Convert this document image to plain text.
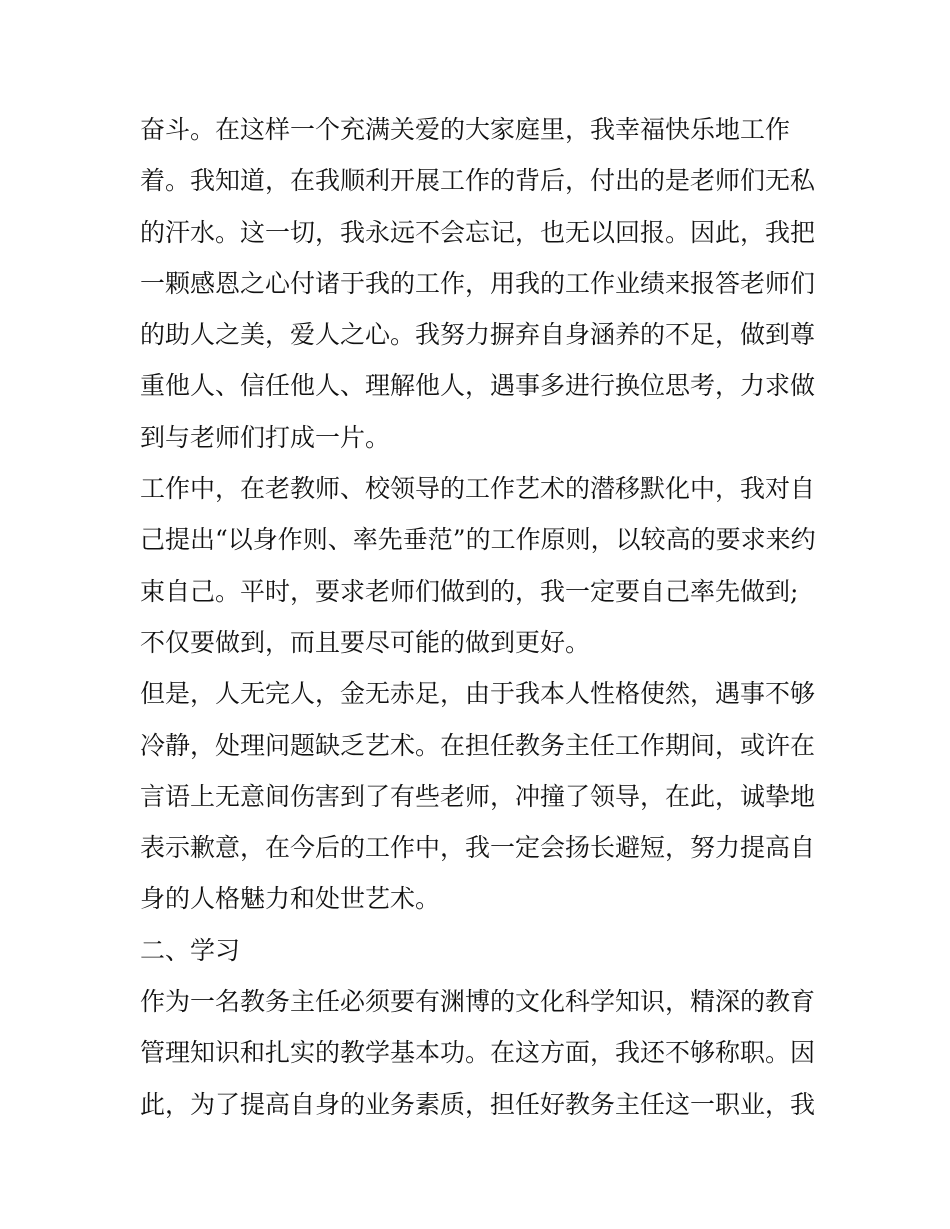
奋斗。在这样一个充满关爱的大家庭里，我幸福快乐地工作
着。我知道，在我顺利开展工作的背后，付出的是老师们无私
的汗水。这一切，我永远不会忘记，也无以回报。因此，我把
一颗感恩之心付诸于我的工作，用我的工作业绩来报答老师们
的助人之美，爱人之心。我努力摒弃自身涵养的不足，做到尊
重他人、信任他人、理解他人，遇事多进行换位思考，力求做
到与老师们打成一片。
工作中，在老教师、校领导的工作艺术的潜移默化中，我对自
己提出“以身作则、率先垂范”的工作原则，以较高的要求来约
束自己。平时，要求老师们做到的，我一定要自己率先做到;
不仅要做到，而且要尽可能的做到更好。
但是，人无完人，金无赤足，由于我本人性格使然，遇事不够
冷静，处理问题缺乏艺术。在担任教务主任工作期间，或许在
言语上无意间伤害到了有些老师，冲撞了领导，在此，诚挚地
表示歉意，在今后的工作中，我一定会扬长避短，努力提高自
身的人格魅力和处世艺术。
二、学习
作为一名教务主任必须要有渊博的文化科学知识，精深的教育
管理知识和扎实的教学基本功。在这方面，我还不够称职。因
此，为了提高自身的业务素质，担任好教务主任这一职业，我
